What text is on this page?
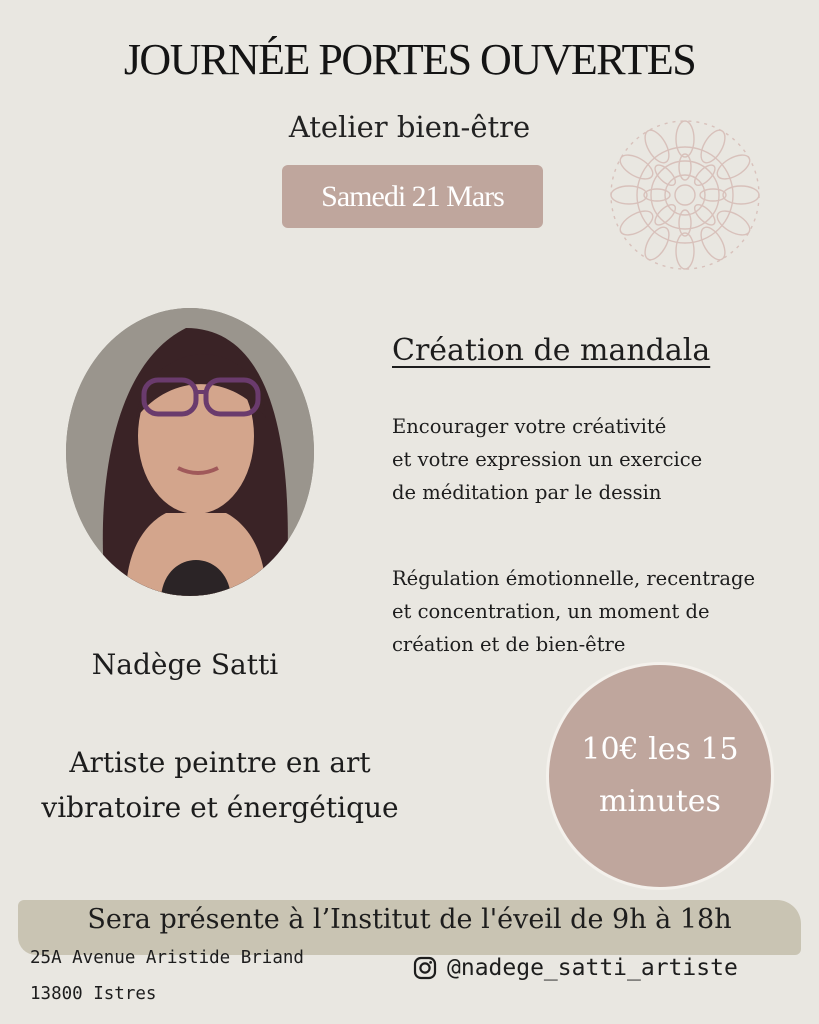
JOURNÉE PORTES OUVERTES
Atelier bien-être
Samedi 21 Mars
Nadège Satti
Artiste peintre en art vibratoire et énergétique
Création de mandala
Encourager votre créativité
et votre expression un exercice
de méditation par le dessin
Régulation émotionnelle, recentrage
et concentration, un moment de
création et de bien-être
10€ les 15 minutes
Sera présente à l’Institut de l'éveil de 9h à 18h
25A Avenue Aristide Briand
13800 Istres
@nadege_satti_artiste
